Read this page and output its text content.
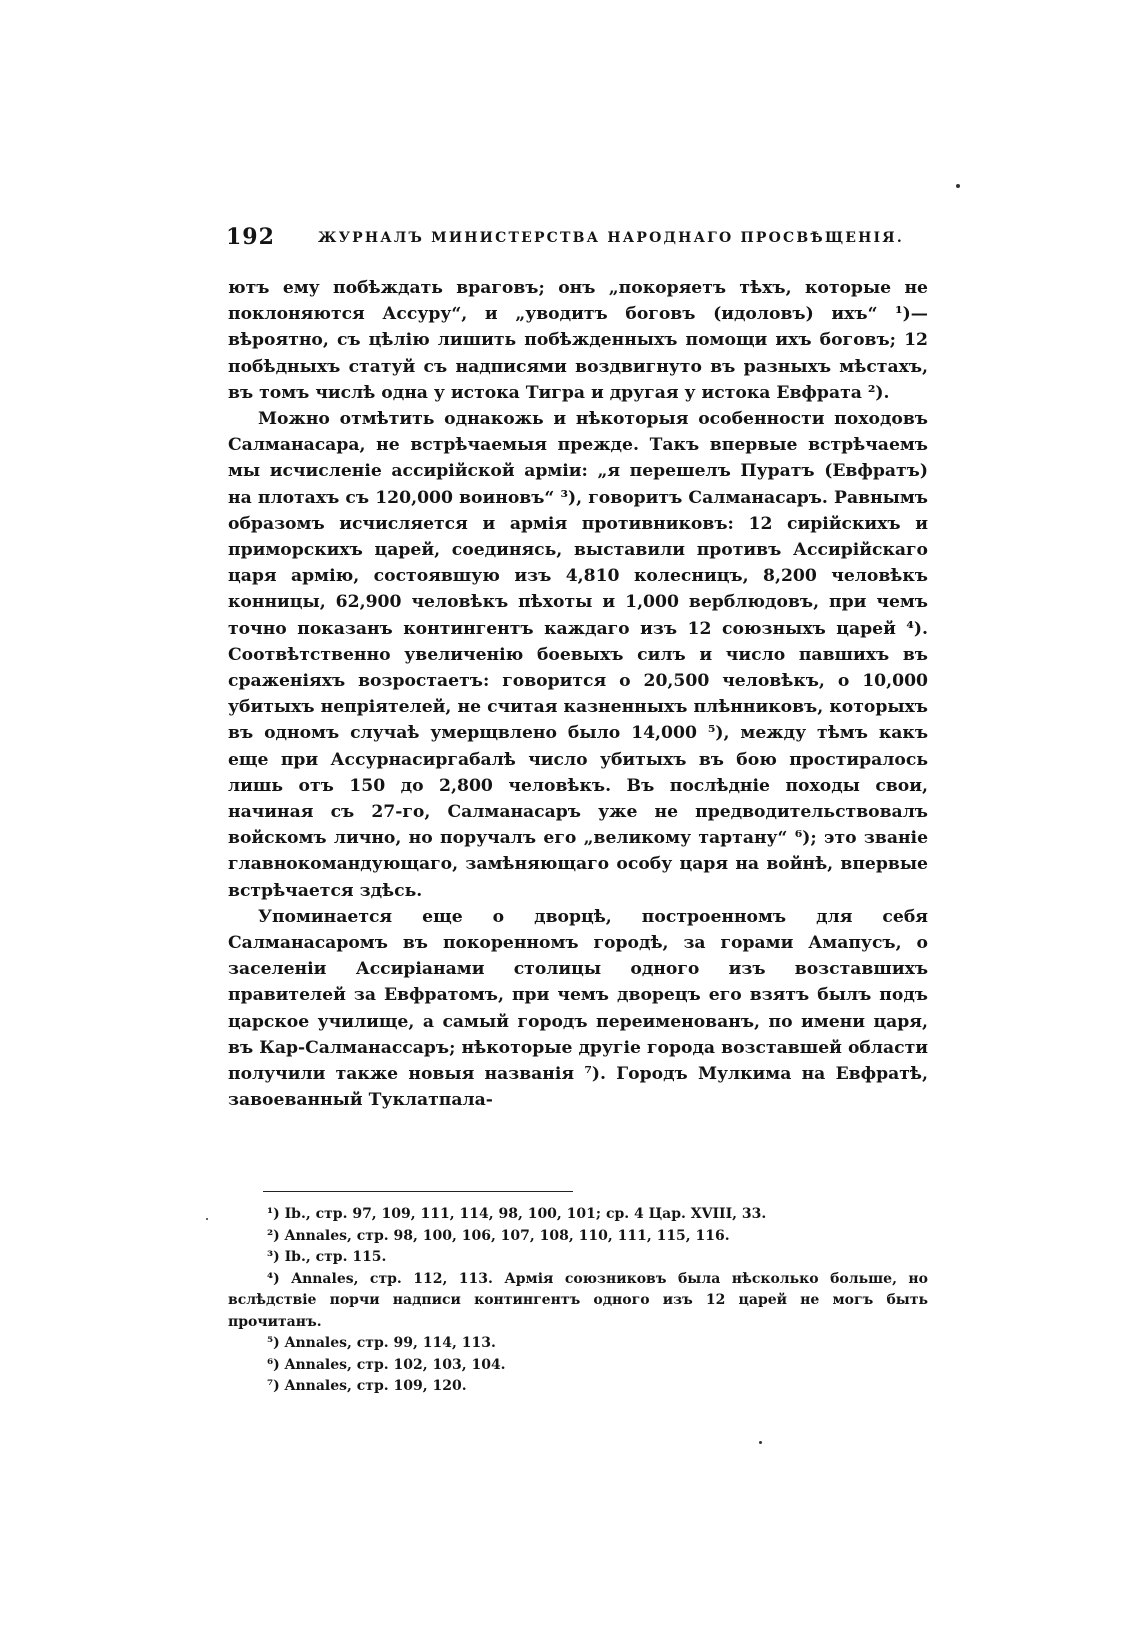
192	ЖУРНАЛЪ МИНИСТЕРСТВА НАРОДНАГО ПРОСВѢЩЕНІЯ.

ютъ ему побѣждать враговъ; онъ „покоряетъ тѣхъ, которые не поклоняются Ассуру“, и „уводитъ боговъ (идоловъ) ихъ“ ¹)—вѣроятно, съ цѣлію лишить побѣжденныхъ помощи ихъ боговъ; 12 побѣдныхъ статуй съ надписями воздвигнуто въ разныхъ мѣстахъ, въ томъ числѣ одна у истока Тигра и другая у истока Евфрата ²).

Можно отмѣтить однакожь и нѣкоторыя особенности походовъ Салманасара, не встрѣчаемыя прежде. Такъ впервые встрѣчаемъ мы исчисленіе ассирійской арміи: „я перешелъ Пуратъ (Евфратъ) на плотахъ съ 120,000 воиновъ“ ³), говоритъ Салманасаръ. Равнымъ образомъ исчисляется и армія противниковъ: 12 сирійскихъ и приморскихъ царей, соединясь, выставили противъ Ассирійскаго царя армію, состоявшую изъ 4,810 колесницъ, 8,200 человѣкъ конницы, 62,900 человѣкъ пѣхоты и 1,000 верблюдовъ, при чемъ точно показанъ контингентъ каждаго изъ 12 союзныхъ царей ⁴). Соотвѣтственно увеличенію боевыхъ силъ и число павшихъ въ сраженіяхъ возростаетъ: говорится о 20,500 человѣкъ, о 10,000 убитыхъ непріятелей, не считая казненныхъ плѣнниковъ, которыхъ въ одномъ случаѣ умерщвлено было 14,000 ⁵), между тѣмъ какъ еще при Ассурнасиргабалѣ число убитыхъ въ бою простиралось лишь отъ 150 до 2,800 человѣкъ. Въ послѣдніе походы свои, начиная съ 27-го, Салманасаръ уже не предводительствовалъ войскомъ лично, но поручалъ его „великому тартану“ ⁶); это званіе главнокомандующаго, замѣняющаго особу царя на войнѣ, впервые встрѣчается здѣсь.

Упоминается еще о дворцѣ, построенномъ для себя Салманасаромъ въ покоренномъ городѣ, за горами Амапусъ, о заселеніи Ассиріанами столицы одного изъ возставшихъ правителей за Евфратомъ, при чемъ дворецъ его взятъ былъ подъ царское училище, а самый городъ переименованъ, по имени царя, въ Кар-Салманассаръ; нѣкоторые другіе города возставшей области получили также новыя названія ⁷). Городъ Мулкима на Евфратѣ, завоеванный Туклатпала-

¹) Ib., стр. 97, 109, 111, 114, 98, 100, 101; ср. 4 Цар. XVIII, 33.

²) Annales, стр. 98, 100, 106, 107, 108, 110, 111, 115, 116.

³) Ib., стр. 115.

⁴) Annales, стр. 112, 113. Армія союзниковъ была нѣсколько больше, но вслѣдствіе порчи надписи контингентъ одного изъ 12 царей не могъ быть прочитанъ.

⁵) Annales, стр. 99, 114, 113.

⁶) Annales, стр. 102, 103, 104.

⁷) Annales, стр. 109, 120.
